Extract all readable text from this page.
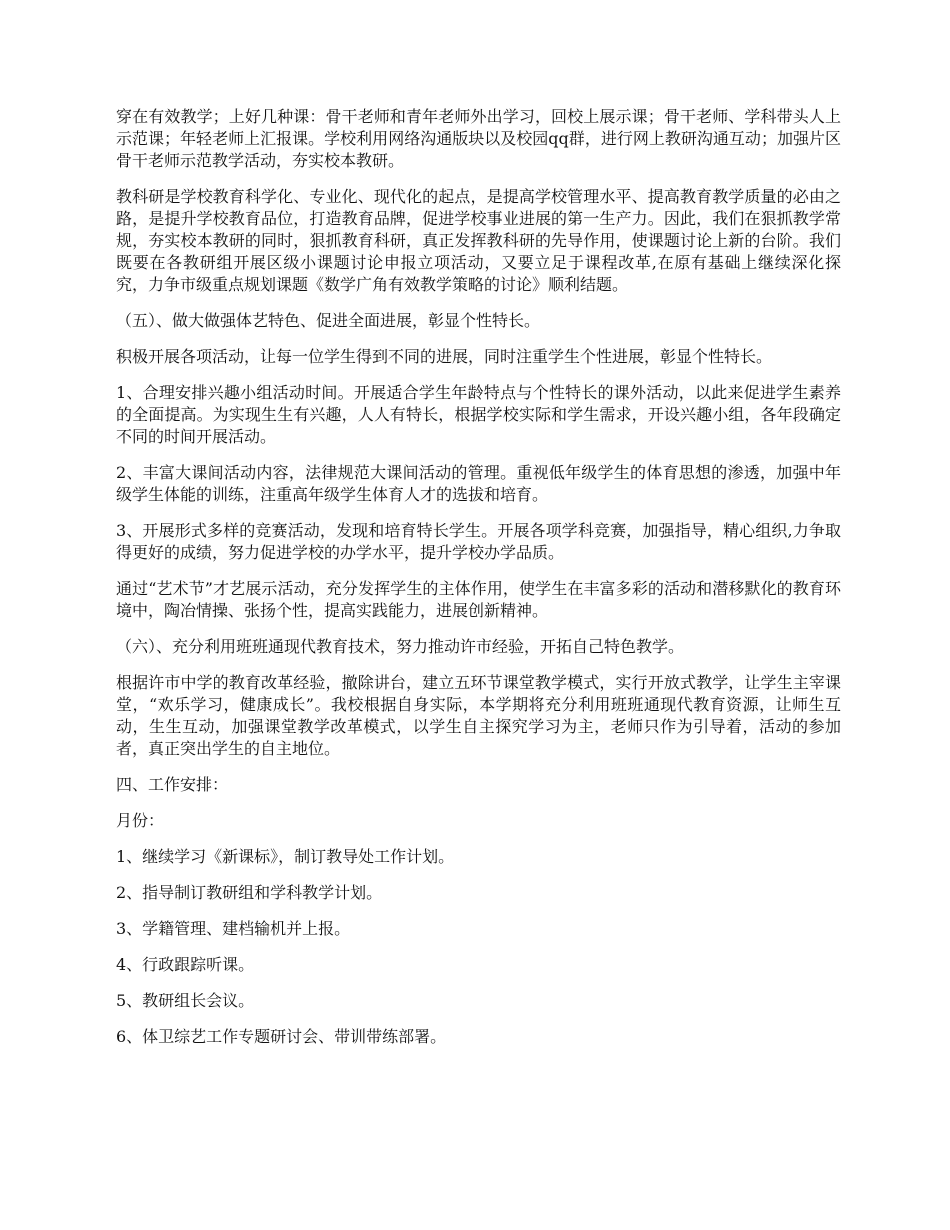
穿在有效教学；上好几种课：骨干老师和青年老师外出学习，回校上展示课；骨干老师、学科带头人上示范课；年轻老师上汇报课。学校利用网络沟通版块以及校园qq群，进行网上教研沟通互动；加强片区骨干老师示范教学活动，夯实校本教研。

教科研是学校教育科学化、专业化、现代化的起点，是提高学校管理水平、提高教育教学质量的必由之路，是提升学校教育品位，打造教育品牌，促进学校事业进展的第一生产力。因此，我们在狠抓教学常规，夯实校本教研的同时，狠抓教育科研，真正发挥教科研的先导作用，使课题讨论上新的台阶。我们既要在各教研组开展区级小课题讨论申报立项活动，又要立足于课程改革,在原有基础上继续深化探究，力争市级重点规划课题《数学广角有效教学策略的讨论》顺利结题。

（五）、做大做强体艺特色、促进全面进展，彰显个性特长。

积极开展各项活动，让每一位学生得到不同的进展，同时注重学生个性进展，彰显个性特长。

1、合理安排兴趣小组活动时间。开展适合学生年龄特点与个性特长的课外活动，以此来促进学生素养的全面提高。为实现生生有兴趣，人人有特长，根据学校实际和学生需求，开设兴趣小组，各年段确定不同的时间开展活动。

2、丰富大课间活动内容，法律规范大课间活动的管理。重视低年级学生的体育思想的渗透，加强中年级学生体能的训练，注重高年级学生体育人才的选拔和培育。

3、开展形式多样的竞赛活动，发现和培育特长学生。开展各项学科竞赛，加强指导，精心组织,力争取得更好的成绩，努力促进学校的办学水平，提升学校办学品质。

通过“艺术节”才艺展示活动，充分发挥学生的主体作用，使学生在丰富多彩的活动和潜移默化的教育环境中，陶冶情操、张扬个性，提高实践能力，进展创新精神。

（六）、充分利用班班通现代教育技术，努力推动许市经验，开拓自己特色教学。

根据许市中学的教育改革经验，撤除讲台，建立五环节课堂教学模式，实行开放式教学，让学生主宰课堂，“欢乐学习，健康成长”。我校根据自身实际，本学期将充分利用班班通现代教育资源，让师生互动，生生互动，加强课堂教学改革模式，以学生自主探究学习为主，老师只作为引导着，活动的参加者，真正突出学生的自主地位。

四、工作安排：

月份：

1、继续学习《新课标》，制订教导处工作计划。

2、指导制订教研组和学科教学计划。

3、学籍管理、建档输机并上报。

4、行政跟踪听课。

5、教研组长会议。

6、体卫综艺工作专题研讨会、带训带练部署。
